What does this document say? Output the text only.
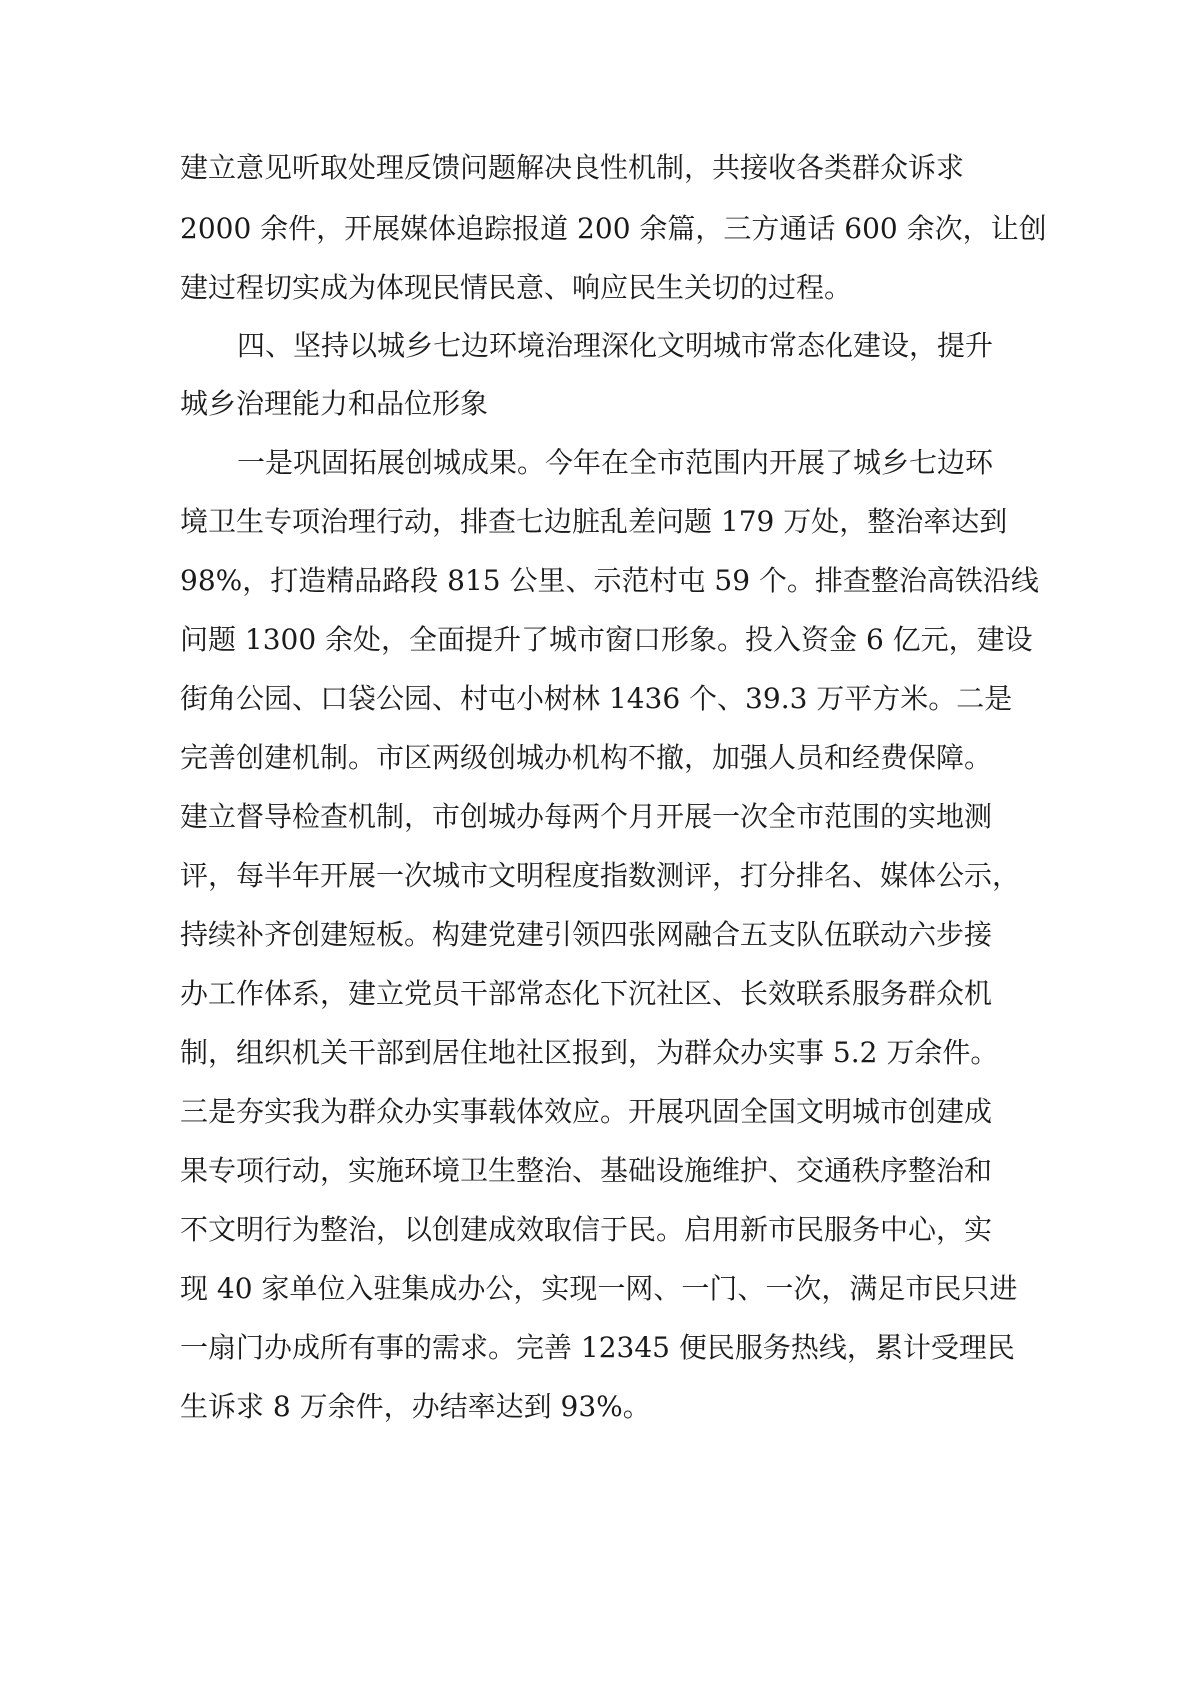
建立意见听取处理反馈问题解决良性机制，共接收各类群众诉求
2000 余件，开展媒体追踪报道 200 余篇，三方通话 600 余次，让创
建过程切实成为体现民情民意、响应民生关切的过程。
四、坚持以城乡七边环境治理深化文明城市常态化建设，提升
城乡治理能力和品位形象
一是巩固拓展创城成果。今年在全市范围内开展了城乡七边环
境卫生专项治理行动，排查七边脏乱差问题 179 万处，整治率达到
98%，打造精品路段 815 公里、示范村屯 59 个。排查整治高铁沿线
问题 1300 余处，全面提升了城市窗口形象。投入资金 6 亿元，建设
街角公园、口袋公园、村屯小树林 1436 个、39.3 万平方米。二是
完善创建机制。市区两级创城办机构不撤，加强人员和经费保障。
建立督导检查机制，市创城办每两个月开展一次全市范围的实地测
评，每半年开展一次城市文明程度指数测评，打分排名、媒体公示，
持续补齐创建短板。构建党建引领四张网融合五支队伍联动六步接
办工作体系，建立党员干部常态化下沉社区、长效联系服务群众机
制，组织机关干部到居住地社区报到，为群众办实事 5.2 万余件。
三是夯实我为群众办实事载体效应。开展巩固全国文明城市创建成
果专项行动，实施环境卫生整治、基础设施维护、交通秩序整治和
不文明行为整治，以创建成效取信于民。启用新市民服务中心，实
现 40 家单位入驻集成办公，实现一网、一门、一次，满足市民只进
一扇门办成所有事的需求。完善 12345 便民服务热线，累计受理民
生诉求 8 万余件，办结率达到 93%。
